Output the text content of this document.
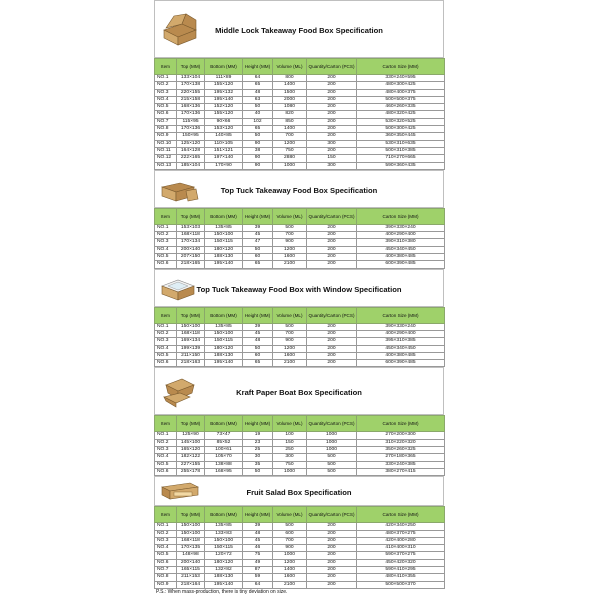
Middle Lock Takeaway Food Box Specification
Item	Top (MM)	Bottom (MM)	Height (MM)	Volume (ML)	Quantity/Carton (PCS)	Carton Size (MM)
NO.1	133×104	111×89	64	800	200	330×240×595
NO.2	170×138	155×120	65	1400	200	480×300×425
NO.3	220×155	195×132	48	1500	200	480×400×375
NO.4	215×158	195×140	63	2000	200	500×500×375
NO.5	168×136	152×120	50	1080	200	460×260×335
NO.6	170×136	155×120	40	820	200	480×320×425
NO.7	115×95	90×66	102	850	200	530×320×525
NO.8	170×136	153×120	65	1400	200	500×300×425
NO.9	150×95	140×85	50	700	200	360×350×445
NO.10	125×120	110×105	90	1200	300	530×310×635
NO.11	164×128	151×121	38	750	200	500×310×385
NO.12	222×165	197×140	90	2880	150	710×270×665
NO.13	185×104	170×90	90	1000	300	590×360×435
Top Tuck Takeaway Food Box Specification
Item	Top (MM)	Bottom (MM)	Height (MM)	Volume (ML)	Quantity/Carton (PCS)	Carton Size (MM)
NO.1	153×103	135×85	39	500	200	390×330×240
NO.2	168×118	150×100	45	700	200	400×290×400
NO.3	170×134	150×115	47	900	200	390×310×380
NO.4	200×140	180×120	50	1200	200	450×340×450
NO.5	207×150	188×130	60	1600	200	400×380×485
NO.6	218×165	195×140	65	2100	200	600×390×485
Top Tuck Takeaway Food Box with Window Specification
Item	Top (MM)	Bottom (MM)	Height (MM)	Volume (ML)	Quantity/Carton (PCS)	Carton Size (MM)
NO.1	150×100	135×85	39	500	200	390×330×240
NO.2	168×118	150×100	45	700	200	400×290×400
NO.3	169×134	150×115	48	900	200	395×310×385
NO.4	199×139	180×120	50	1200	200	450×340×450
NO.5	211×150	188×130	60	1600	200	400×380×485
NO.6	218×163	195×140	65	2100	200	600×390×485
Kraft Paper Boat Box Specification
Item	Top (MM)	Bottom (MM)	Height (MM)	Volume (ML)	Quantity/Carton (PCS)	Carton Size (MM)
NO.1	125×90	73×47	19	100	1000	270×200×300
NO.2	145×100	85×52	23	150	1000	310×220×320
NO.3	165×120	100×61	25	250	1000	350×260×325
NO.4	182×122	105×70	30	300	500	270×180×365
NO.5	227×155	138×88	35	750	500	330×240×385
NO.6	255×178	168×95	50	1000	500	380×270×415
Fruit Salad Box Specification
Item	Top (MM)	Bottom (MM)	Height (MM)	Volume (ML)	Quantity/Carton (PCS)	Carton Size (MM)
NO.1	150×100	135×85	39	500	200	420×340×250
NO.2	150×100	133×83	48	600	200	480×370×275
NO.3	168×118	150×100	45	700	200	420×400×280
NO.4	170×135	150×115	46	900	200	410×400×310
NO.5	148×98	120×72	75	1000	200	590×370×275
NO.6	200×140	180×120	49	1200	200	450×420×320
NO.7	165×115	132×82	87	1400	200	590×410×295
NO.8	211×153	188×130	59	1600	200	480×410×355
NO.9	218×164	195×140	64	2100	200	500×500×370
P.S.: When mass-production, there is tiny deviation on size.
